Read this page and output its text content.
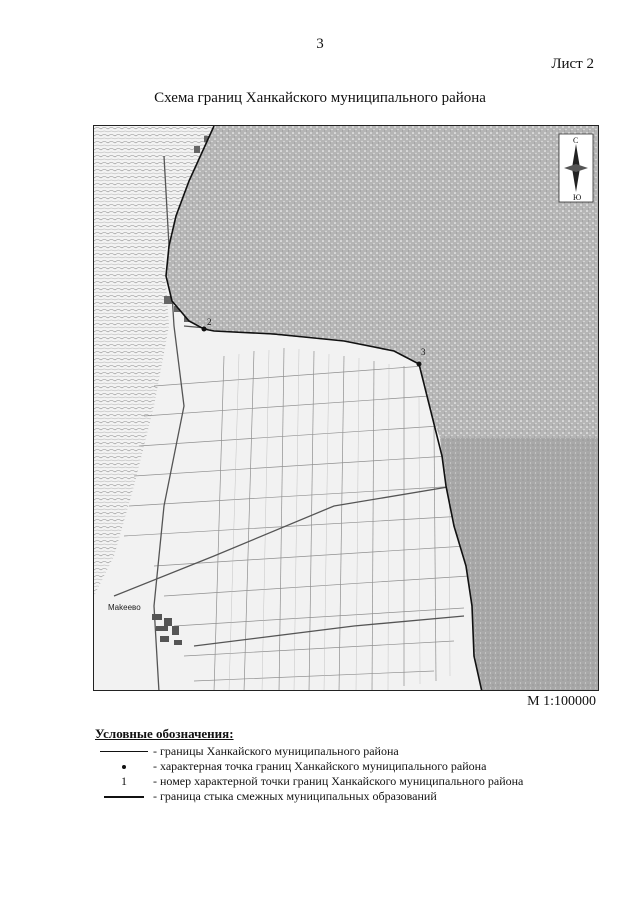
3
Лист 2
Схема границ Ханкайского муниципального района
Мakeевo
2
3
С
Ю
М 1:100000
Условные обозначения:
- границы Ханкайского муниципального района
- характерная точка границ Ханкайского муниципального района
1	- номер характерной точки границ Ханкайского муниципального района
- граница стыка смежных муниципальных образований
